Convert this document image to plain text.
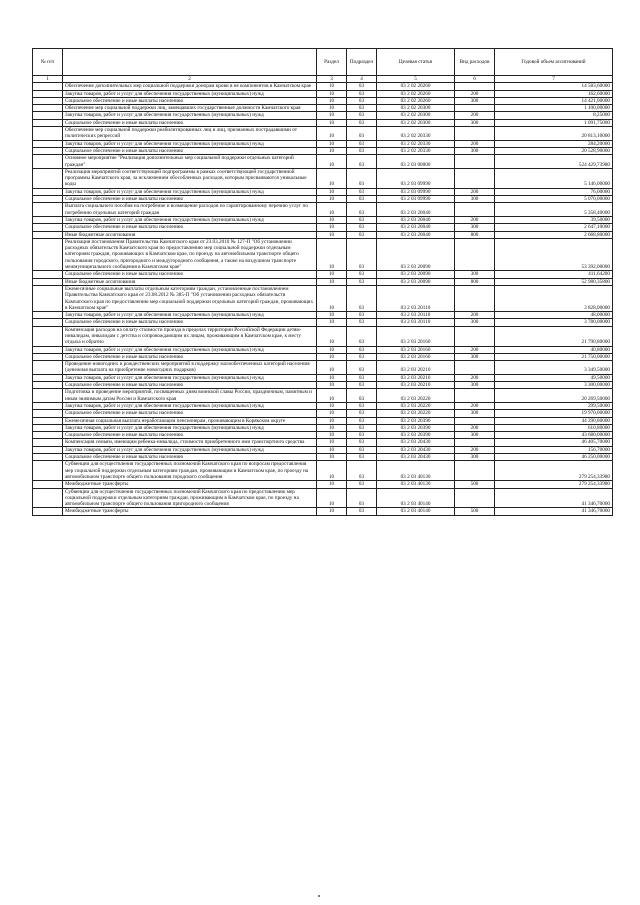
№ п/п		Раздел	Подраздел	Целевая статья	Вид расходов	Годовой объем ассигнований
1	2	3	4	5	6	7
	Обеспечение дополнительных мер социальной поддержки донорам крови в не компонентов в Камчатском крае	10	03	03 2 02 20260		14 583,60000
	Закупка товаров, работ и услуг для обеспечения государственных (муниципальных) нужд	10	03	03 2 02 20260	200	162,60000
	Социальное обеспечение и иные выплаты населению	10	03	03 2 02 20260	300	14 421,00000
	Обеспечение мер социальной поддержки лиц, замещавших государственные должности Камчатского края	10	03	03 2 02 20300		1 100,00000
	Закупка товаров, работ и услуг для обеспечения государственных (муниципальных) нужд	10	03	03 2 02 20300	200	8,25000
	Социальное обеспечение и иные выплаты населению	10	03	03 2 02 20300	300	1 091,75000
	Обеспечение мер социальной поддержки реабилитированных лиц и лиц, признанных пострадавшими от политических репрессий	10	03	03 2 02 20330		20 813,10000
	Закупка товаров, работ и услуг для обеспечения государственных (муниципальных) нужд	10	03	03 2 02 20330	200	284,20000
	Социальное обеспечение и иные выплаты населению	10	03	03 2 02 20330	300	20 528,90000
	Основное мероприятие "Реализация дополнительных мер социальной поддержки отдельных категорий граждан"	10	03	03 2 03 00000		524 429,73980
	Реализация мероприятий соответствующей подпрограммы в рамках соответствующей государственной программы Камчатского края, за исключением обособленных расходов, которым присваиваются уникальные коды	10	03	03 2 03 09990		5 146,00000
	Закупка товаров, работ и услуг для обеспечения государственных (муниципальных) нужд	10	03	03 2 03 09990	200	76,00000
	Социальное обеспечение и иные выплаты населению	10	03	03 2 03 09990	300	5 070,00000
	Выплата социального пособия на погребение и возмещение расходов по гарантированному перечню услуг по погребению отдельных категорий граждан	10	03	03 2 03 20040		5 358,40000
	Закупка товаров, работ и услуг для обеспечения государственных (муниципальных) нужд	10	03	03 2 03 20040	200	39,50000
	Социальное обеспечение и иные выплаты населению	10	03	03 2 03 20040	300	2 647,10000
	Иные бюджетные ассигнования	10	03	03 2 03 20040	800	2 668,80000
	Реализация постановления Правительства Камчатского края от 23.03.2010 № 127-П "Об установлении расходных обязательств Камчатского края по предоставлению мер социальной поддержки отдельным категориям граждан, проживающих в Камчатском крае, по проезду на автомобильном транспорте общего пользования городского, пригородного и междугородного сообщения, а также на воздушном транспорте межмуниципального сообщения в Камчатском крае"	10	03	03 2 03 20090		53 392,00000
	Социальное обеспечение и иные выплаты населению	10	03	03 2 03 20090	300	411,64200
	Иные бюджетные ассигнования	10	03	03 2 03 20090	800	52 980,35800
	Ежемесячные социальные выплаты отдельным категориям граждан, установленные постановлением Правительства Камчатского края от 23.08.2012 № 385-П "Об установлении расходных обязательств Камчатского края по предоставлению мер социальной поддержки отдельных категорий граждан, проживающих в Камчатском крае"	10	03	03 2 03 20110		3 828,00000
	Закупка товаров, работ и услуг для обеспечения государственных (муниципальных) нужд	10	03	03 2 03 20110	200	48,00000
	Социальное обеспечение и иные выплаты населению	10	03	03 2 03 20110	300	3 780,00000
	Компенсация расходов на оплату стоимости проезда в пределах территории Российской Федерации детям-инвалидам, инвалидам с детства и сопровождающим их лицам, проживающим в Камчатском крае, к месту отдыха и обратно	10	03	03 2 03 20160		21 790,80000
	Закупка товаров, работ и услуг для обеспечения государственных (муниципальных) нужд	10	03	03 2 03 20160	200	40,80000
	Социальное обеспечение и иные выплаты населению	10	03	03 2 03 20160	300	21 750,00000
	Проведение новогодних и рождественских мероприятий в поддержку малообеспеченных категорий населения (денежная выплата на приобретение новогодних подарков)	10	03	03 2 03 20210		3 349,50000
	Закупка товаров, работ и услуг для обеспечения государственных (муниципальных) нужд	10	03	03 2 03 20210	200	49,50000
	Социальное обеспечение и иные выплаты населению	10	03	03 2 03 20210	300	3 300,00000
	Подготовка и проведение мероприятий, посвященных дням воинской славы России, праздничным, памятным и иным значимым датам России и Камчатского края	10	03	03 2 03 20220		20 269,50000
	Закупка товаров, работ и услуг для обеспечения государственных (муниципальных) нужд	10	03	03 2 03 20220	200	299,50000
	Социальное обеспечение и иные выплаты населению	10	03	03 2 03 20220	300	19 970,00000
	Ежемесячная социальная выплата неработающим пенсионерам, проживающим в Корякском округе	10	03	03 2 03 20390		44 290,80000
	Закупка товаров, работ и услуг для обеспечения государственных (муниципальных) нужд	10	03	03 2 03 20390	200	610,80000
	Социальное обеспечение и иные выплаты населению	10	03	03 2 03 20390	300	43 680,00000
	Компенсация семьям, имеющим ребенка-инвалида, стоимости приобретенного ими транспортного средства	10	03	03 2 03 20430		46 405,70000
	Закупка товаров, работ и услуг для обеспечения государственных (муниципальных) нужд	10	03	03 2 03 20430	200	156,70000
	Социальное обеспечение и иные выплаты населению	10	03	03 2 03 20430	300	46 250,00000
	Субвенции для осуществления государственных полномочий Камчатского края по вопросам предоставления мер социальной поддержки отдельным категориям граждан, проживающим в Камчатском крае, по проезду на автомобильном транспорте общего пользования городского сообщения	10	03	03 2 03 40130		279 254,33980
	Межбюджетные трансферты	10	03	03 2 03 40130	500	279 254,33980
	Субвенции для осуществления государственных полномочий Камчатского края по предоставлению мер социальной поддержки отдельным категориям граждан, проживающим в Камчатском крае, по проезду на автомобильном транспорте общего пользования пригородного сообщения	10	03	03 2 03 40140		41 346,70000
	Межбюджетные трансферты	10	03	03 2 03 40140	500	41 346,70000
